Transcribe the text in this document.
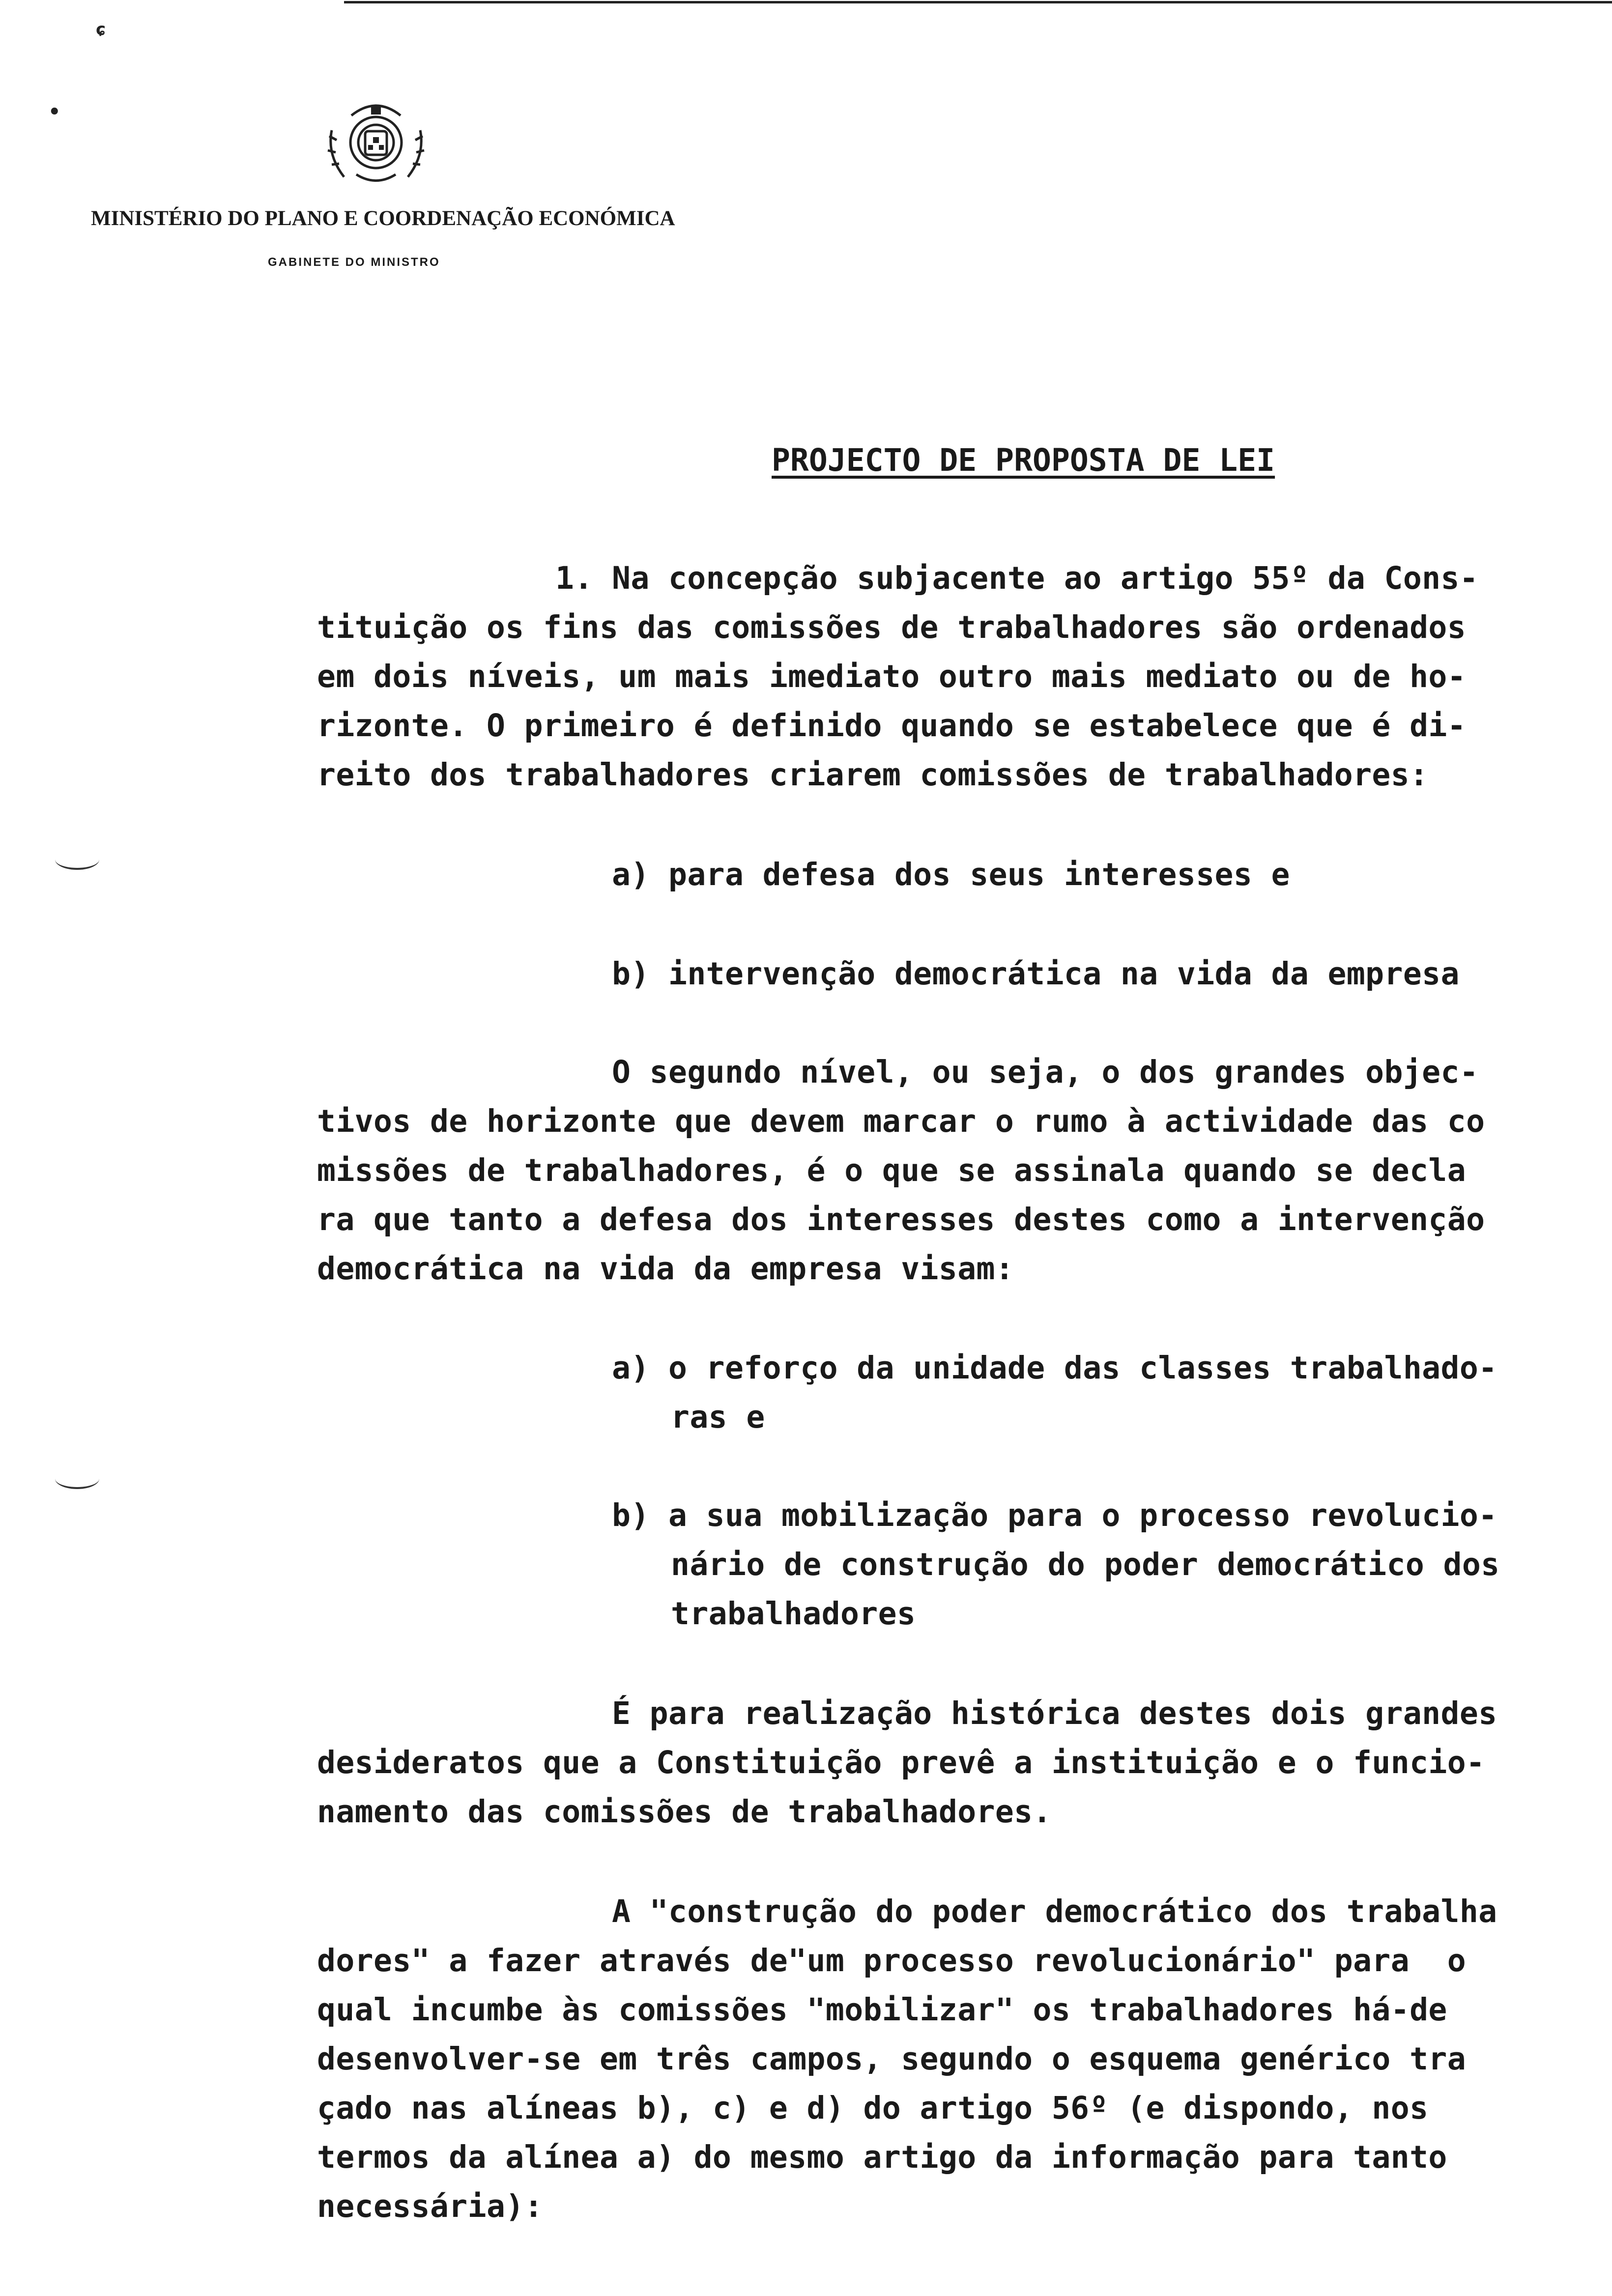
ɕ
•
MINISTÉRIO DO PLANO E COORDENAÇÃO ECONÓMICA
GABINETE DO MINISTRO
PROJECTO DE PROPOSTA DE LEI
1. Na concepção subjacente ao artigo 55º da Cons-
tituição os fins das comissões de trabalhadores são ordenados
em dois níveis, um mais imediato outro mais mediato ou de ho-
rizonte. O primeiro é definido quando se estabelece que é di-
reito dos trabalhadores criarem comissões de trabalhadores:
a) para defesa dos seus interesses e
b) intervenção democrática na vida da empresa
O segundo nível, ou seja, o dos grandes objec-
tivos de horizonte que devem marcar o rumo à actividade das co
missões de trabalhadores, é o que se assinala quando se decla
ra que tanto a defesa dos interesses destes como a intervenção
democrática na vida da empresa visam:
a) o reforço da unidade das classes trabalhado-
ras e
b) a sua mobilização para o processo revolucio-
nário de construção do poder democrático dos
trabalhadores
É para realização histórica destes dois grandes
desideratos que a Constituição prevê a instituição e o funcio-
namento das comissões de trabalhadores.
A "construção do poder democrático dos trabalha
dores" a fazer através de"um processo revolucionário" para  o
qual incumbe às comissões "mobilizar" os trabalhadores há-de
desenvolver-se em três campos, segundo o esquema genérico tra
çado nas alíneas b), c) e d) do artigo 56º (e dispondo, nos
termos da alínea a) do mesmo artigo da informação para tanto
necessária):
